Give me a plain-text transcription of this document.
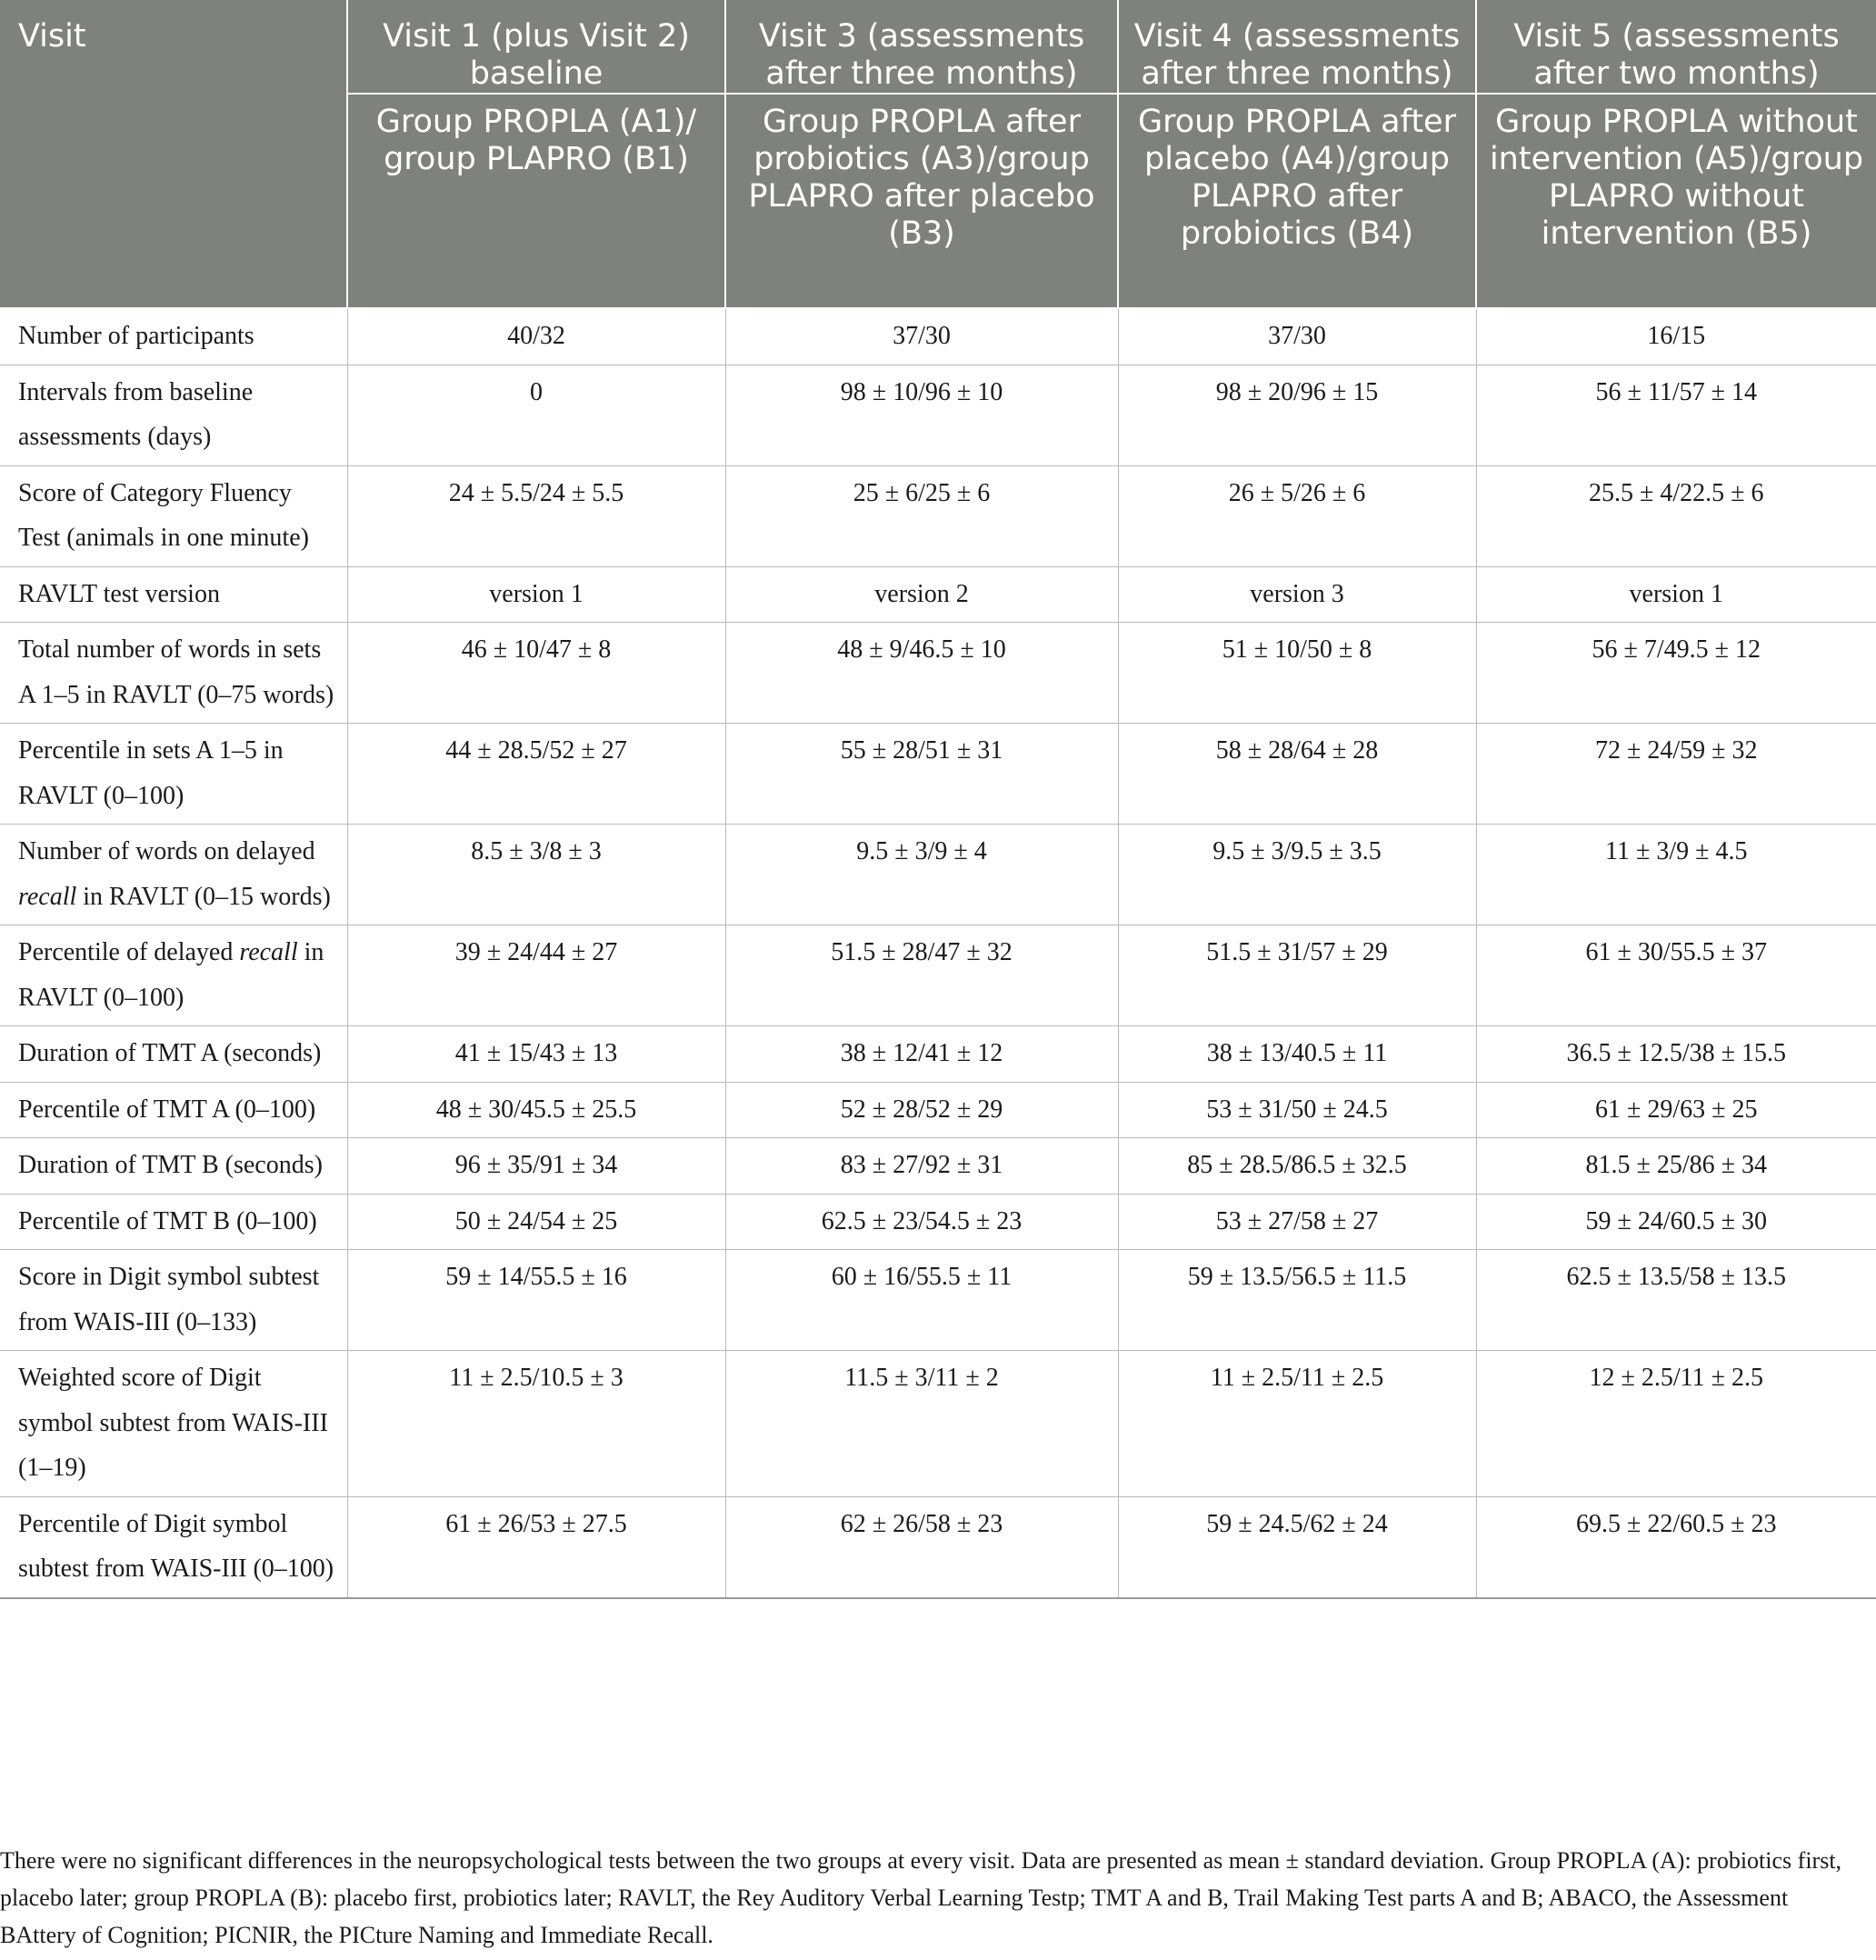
Visit	Visit 1 (plus Visit 2) baseline	Visit 3 (assessments after three months)	Visit 4 (assessments after three months)	Visit 5 (assessments after two months)
	Group PROPLA (A1)/ group PLAPRO (B1)	Group PROPLA after probiotics (A3)/group PLAPRO after placebo (B3)	Group PROPLA after placebo (A4)/group PLAPRO after probiotics (B4)	Group PROPLA without intervention (A5)/group PLAPRO without intervention (B5)
Number of participants	40/32	37/30	37/30	16/15
Intervals from baseline assessments (days)	0	98 ± 10/96 ± 10	98 ± 20/96 ± 15	56 ± 11/57 ± 14
Score of Category Fluency Test (animals in one minute)	24 ± 5.5/24 ± 5.5	25 ± 6/25 ± 6	26 ± 5/26 ± 6	25.5 ± 4/22.5 ± 6
RAVLT test version	version 1	version 2	version 3	version 1
Total number of words in sets A 1–5 in RAVLT (0–75 words)	46 ± 10/47 ± 8	48 ± 9/46.5 ± 10	51 ± 10/50 ± 8	56 ± 7/49.5 ± 12
Percentile in sets A 1–5 in RAVLT (0–100)	44 ± 28.5/52 ± 27	55 ± 28/51 ± 31	58 ± 28/64 ± 28	72 ± 24/59 ± 32
Number of words on delayed recall in RAVLT (0–15 words)	8.5 ± 3/8 ± 3	9.5 ± 3/9 ± 4	9.5 ± 3/9.5 ± 3.5	11 ± 3/9 ± 4.5
Percentile of delayed recall in RAVLT (0–100)	39 ± 24/44 ± 27	51.5 ± 28/47 ± 32	51.5 ± 31/57 ± 29	61 ± 30/55.5 ± 37
Duration of TMT A (seconds)	41 ± 15/43 ± 13	38 ± 12/41 ± 12	38 ± 13/40.5 ± 11	36.5 ± 12.5/38 ± 15.5
Percentile of TMT A (0–100)	48 ± 30/45.5 ± 25.5	52 ± 28/52 ± 29	53 ± 31/50 ± 24.5	61 ± 29/63 ± 25
Duration of TMT B (seconds)	96 ± 35/91 ± 34	83 ± 27/92 ± 31	85 ± 28.5/86.5 ± 32.5	81.5 ± 25/86 ± 34
Percentile of TMT B (0–100)	50 ± 24/54 ± 25	62.5 ± 23/54.5 ± 23	53 ± 27/58 ± 27	59 ± 24/60.5 ± 30
Score in Digit symbol subtest from WAIS-III (0–133)	59 ± 14/55.5 ± 16	60 ± 16/55.5 ± 11	59 ± 13.5/56.5 ± 11.5	62.5 ± 13.5/58 ± 13.5
Weighted score of Digit symbol subtest from WAIS-III (1–19)	11 ± 2.5/10.5 ± 3	11.5 ± 3/11 ± 2	11 ± 2.5/11 ± 2.5	12 ± 2.5/11 ± 2.5
Percentile of Digit symbol subtest from WAIS-III (0–100)	61 ± 26/53 ± 27.5	62 ± 26/58 ± 23	59 ± 24.5/62 ± 24	69.5 ± 22/60.5 ± 23
There were no significant differences in the neuropsychological tests between the two groups at every visit. Data are presented as mean ± standard deviation. Group PROPLA (A): probiotics first, placebo later; group PROPLA (B): placebo first, probiotics later; RAVLT, the Rey Auditory Verbal Learning Testp; TMT A and B, Trail Making Test parts A and B; ABACO, the Assessment BAttery of Cognition; PICNIR, the PICture Naming and Immediate Recall.
